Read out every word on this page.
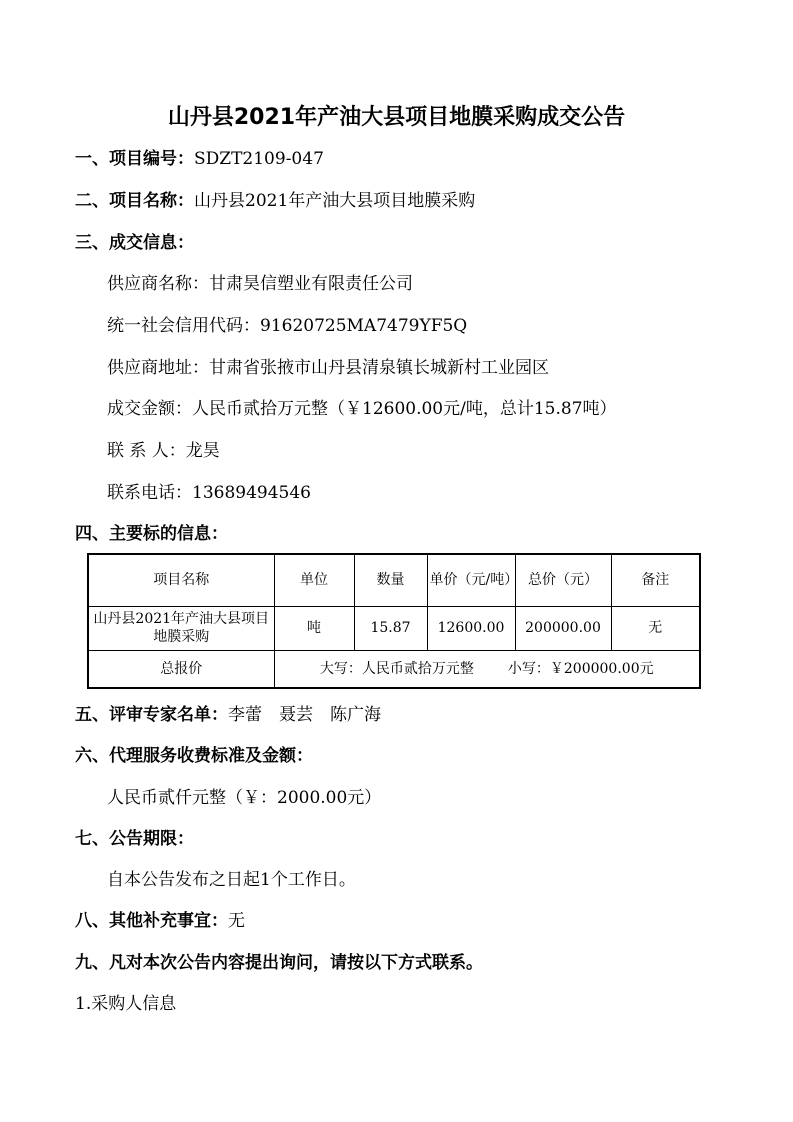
山丹县2021年产油大县项目地膜采购成交公告
一、项目编号：SDZT2109-047
二、项目名称：山丹县2021年产油大县项目地膜采购
三、成交信息：
供应商名称：甘肃昊信塑业有限责任公司
统一社会信用代码：91620725MA7479YF5Q
供应商地址：甘肃省张掖市山丹县清泉镇长城新村工业园区
成交金额：人民币贰拾万元整（￥12600.00元/吨，总计15.87吨）
联 系 人：龙昊
联系电话：13689494546
四、主要标的信息：
项目名称	单位	数量	单价（元/吨）	总价（元）	备注
山丹县2021年产油大县项目地膜采购	吨	15.87	12600.00	200000.00	无
总报价	大写：人民币贰拾万元整 小写：￥200000.00元				
五、评审专家名单：李蕾　聂芸　陈广海
六、代理服务收费标准及金额：
人民币贰仟元整（￥：2000.00元）
七、公告期限：
自本公告发布之日起1个工作日。
八、其他补充事宜：无
九、凡对本次公告内容提出询问，请按以下方式联系。
1.采购人信息
